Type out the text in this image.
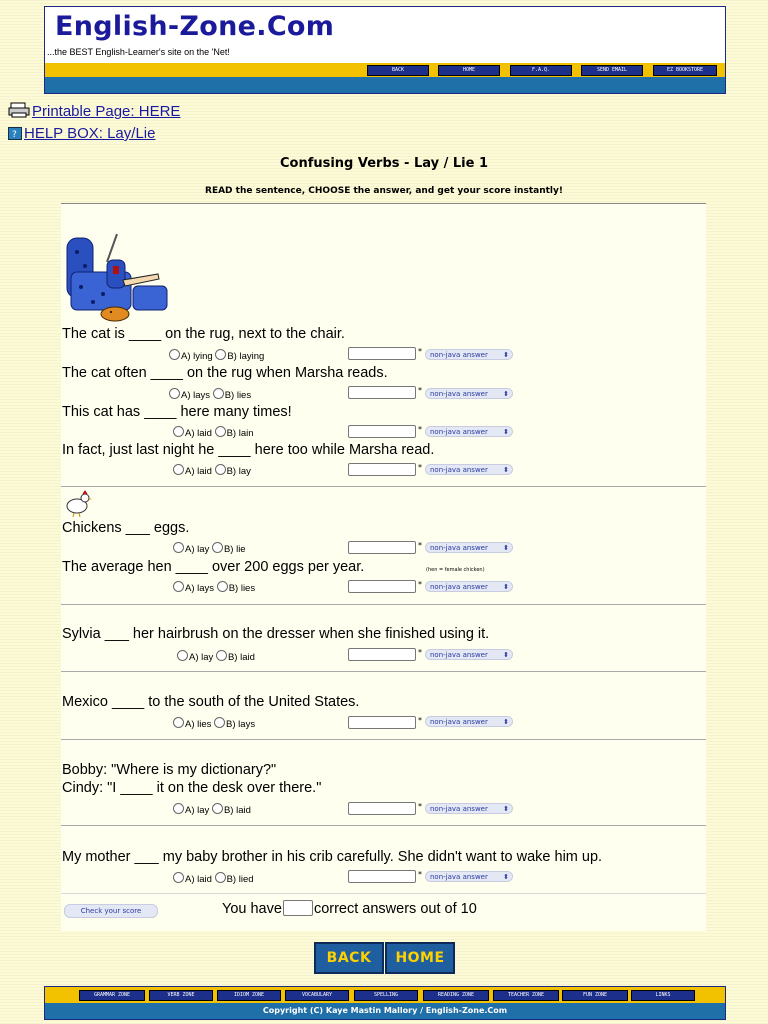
English-Zone.Com
...the BEST English-Learner's site on the 'Net!
BACK	HOME	F.A.Q.	SEND EMAIL	EZ BOOKSTORE
Printable Page: HERE
? HELP BOX: Lay/Lie
Confusing Verbs - Lay / Lie 1
READ the sentence, CHOOSE the answer, and get your score instantly!
The cat is ____ on the rug, next to the chair.
A) lying B) laying	*	non-java answer ⬍
The cat often ____ on the rug when Marsha reads.
A) lays B) lies	*	non-java answer ⬍
This cat has ____ here many times!
A) laid B) lain	*	non-java answer ⬍
In fact, just last night he ____ here too while Marsha read.
A) laid B) lay	*	non-java answer ⬍
Chickens ___ eggs.
A) lay B) lie	*	non-java answer ⬍
The average hen ____ over 200 eggs per year.	(hen = female chicken)
A) lays B) lies	*	non-java answer ⬍
Sylvia ___ her hairbrush on the dresser when she finished using it.
A) lay B) laid	*	non-java answer ⬍
Mexico ____ to the south of the United States.
A) lies B) lays	*	non-java answer ⬍
Bobby: "Where is my dictionary?"
Cindy: "I ____ it on the desk over there."
A) lay B) laid	*	non-java answer ⬍
My mother ___ my baby brother in his crib carefully. She didn't want to wake him up.
A) laid B) lied	*	non-java answer ⬍
Check your score	You have correct answers out of 10
BACK	HOME
GRAMMAR ZONE	VERB ZONE	IDIOM ZONE	VOCABULARY	SPELLING	READING ZONE	TEACHER ZONE	FUN ZONE	LINKS
Copyright (C) Kaye Mastin Mallory / English-Zone.Com
